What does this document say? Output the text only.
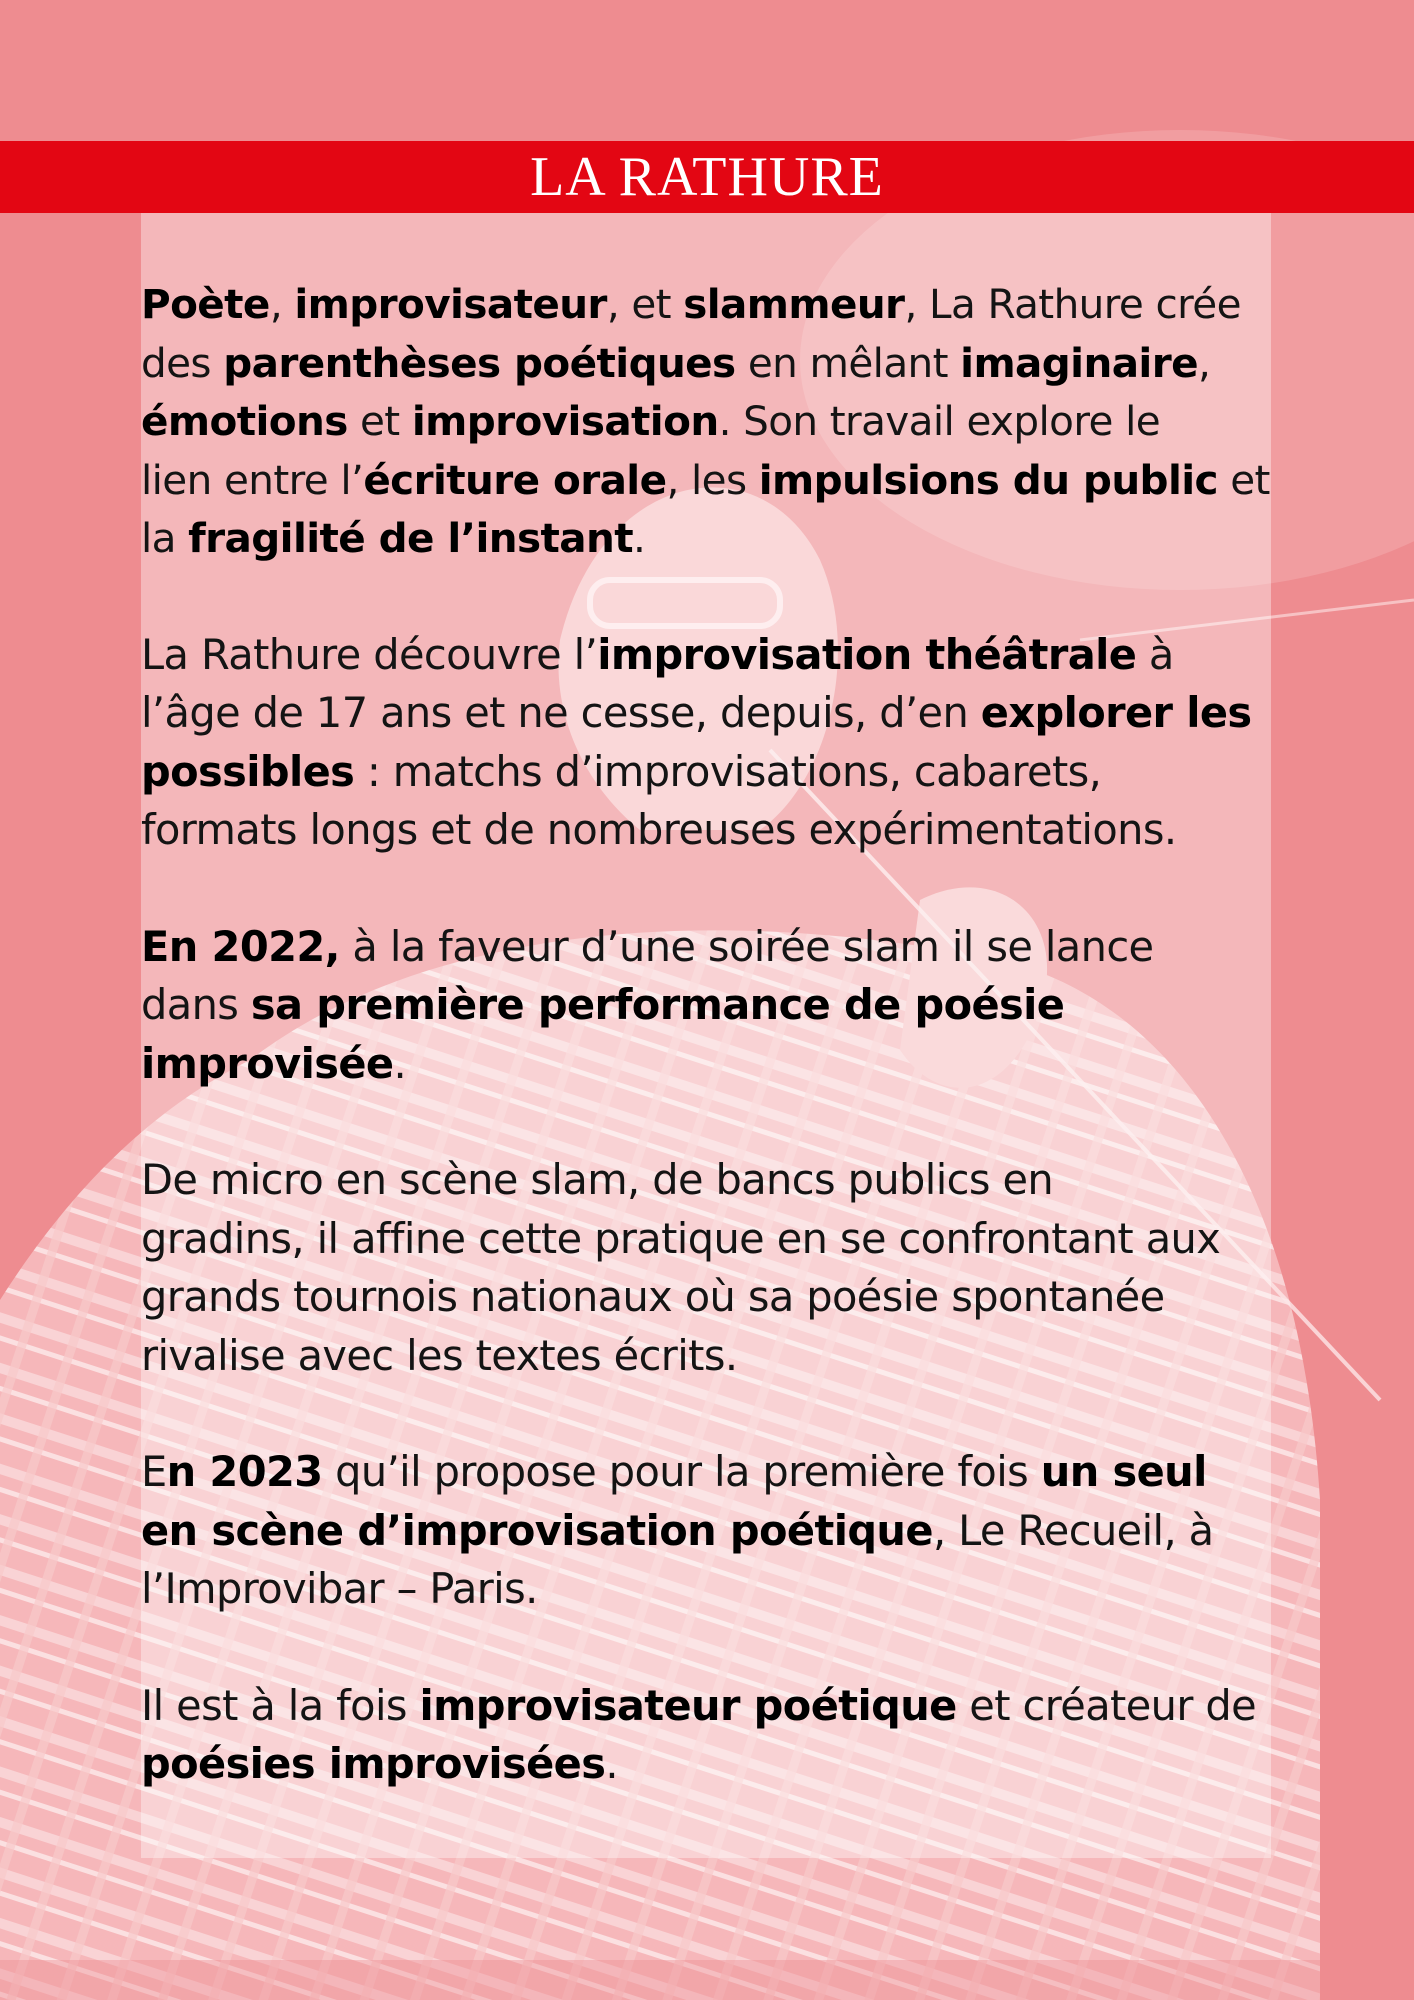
LA RATHURE

Poète, improvisateur, et slammeur, La Rathure crée
des parenthèses poétiques en mêlant imaginaire,
émotions et improvisation. Son travail explore le
lien entre l’écriture orale, les impulsions du public et
la fragilité de l’instant.

La Rathure découvre l’improvisation théâtrale à
l’âge de 17 ans et ne cesse, depuis, d’en explorer les
possibles : matchs d’improvisations, cabarets,
formats longs et de nombreuses expérimentations.

En 2022, à la faveur d’une soirée slam il se lance
dans sa première performance de poésie
improvisée.

De micro en scène slam, de bancs publics en
gradins, il affine cette pratique en se confrontant aux
grands tournois nationaux où sa poésie spontanée
rivalise avec les textes écrits.

En 2023 qu’il propose pour la première fois un seul
en scène d’improvisation poétique, Le Recueil, à
l’Improvibar – Paris.

Il est à la fois improvisateur poétique et créateur de
poésies improvisées.
